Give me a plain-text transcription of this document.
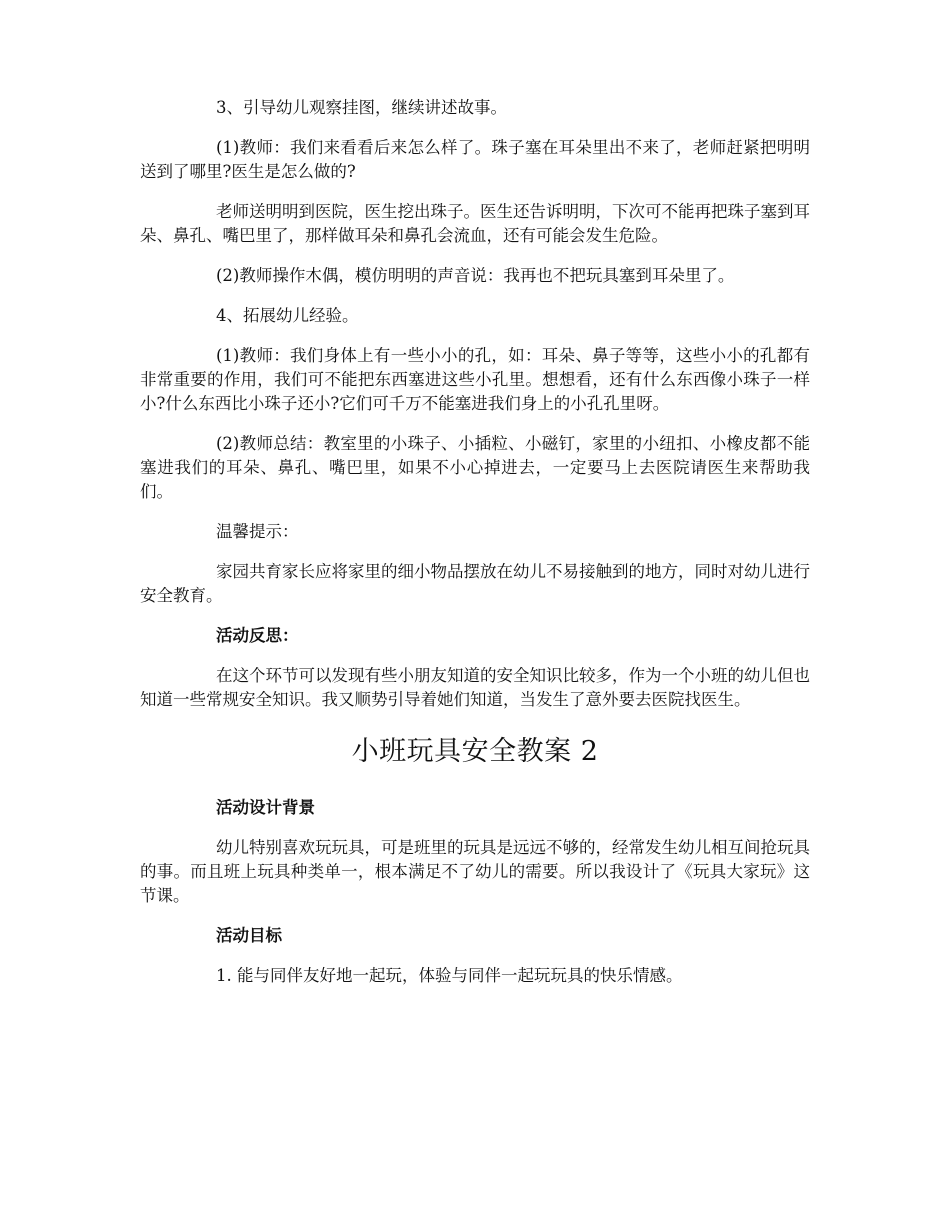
3、引导幼儿观察挂图，继续讲述故事。

(1)教师：我们来看看后来怎么样了。珠子塞在耳朵里出不来了，老师赶紧把明明送到了哪里?医生是怎么做的?

老师送明明到医院，医生挖出珠子。医生还告诉明明，下次可不能再把珠子塞到耳朵、鼻孔、嘴巴里了，那样做耳朵和鼻孔会流血，还有可能会发生危险。

(2)教师操作木偶，模仿明明的声音说：我再也不把玩具塞到耳朵里了。

4、拓展幼儿经验。

(1)教师：我们身体上有一些小小的孔，如：耳朵、鼻子等等，这些小小的孔都有非常重要的作用，我们可不能把东西塞进这些小孔里。想想看，还有什么东西像小珠子一样小?什么东西比小珠子还小?它们可千万不能塞进我们身上的小孔孔里呀。

(2)教师总结：教室里的小珠子、小插粒、小磁钉，家里的小纽扣、小橡皮都不能塞进我们的耳朵、鼻孔、嘴巴里，如果不小心掉进去，一定要马上去医院请医生来帮助我们。

温馨提示：

家园共育家长应将家里的细小物品摆放在幼儿不易接触到的地方，同时对幼儿进行安全教育。

活动反思：

在这个环节可以发现有些小朋友知道的安全知识比较多，作为一个小班的幼儿但也知道一些常规安全知识。我又顺势引导着她们知道，当发生了意外要去医院找医生。

小班玩具安全教案 2

活动设计背景

幼儿特别喜欢玩玩具，可是班里的玩具是远远不够的，经常发生幼儿相互间抢玩具的事。而且班上玩具种类单一，根本满足不了幼儿的需要。所以我设计了《玩具大家玩》这节课。

活动目标

1. 能与同伴友好地一起玩，体验与同伴一起玩玩具的快乐情感。
